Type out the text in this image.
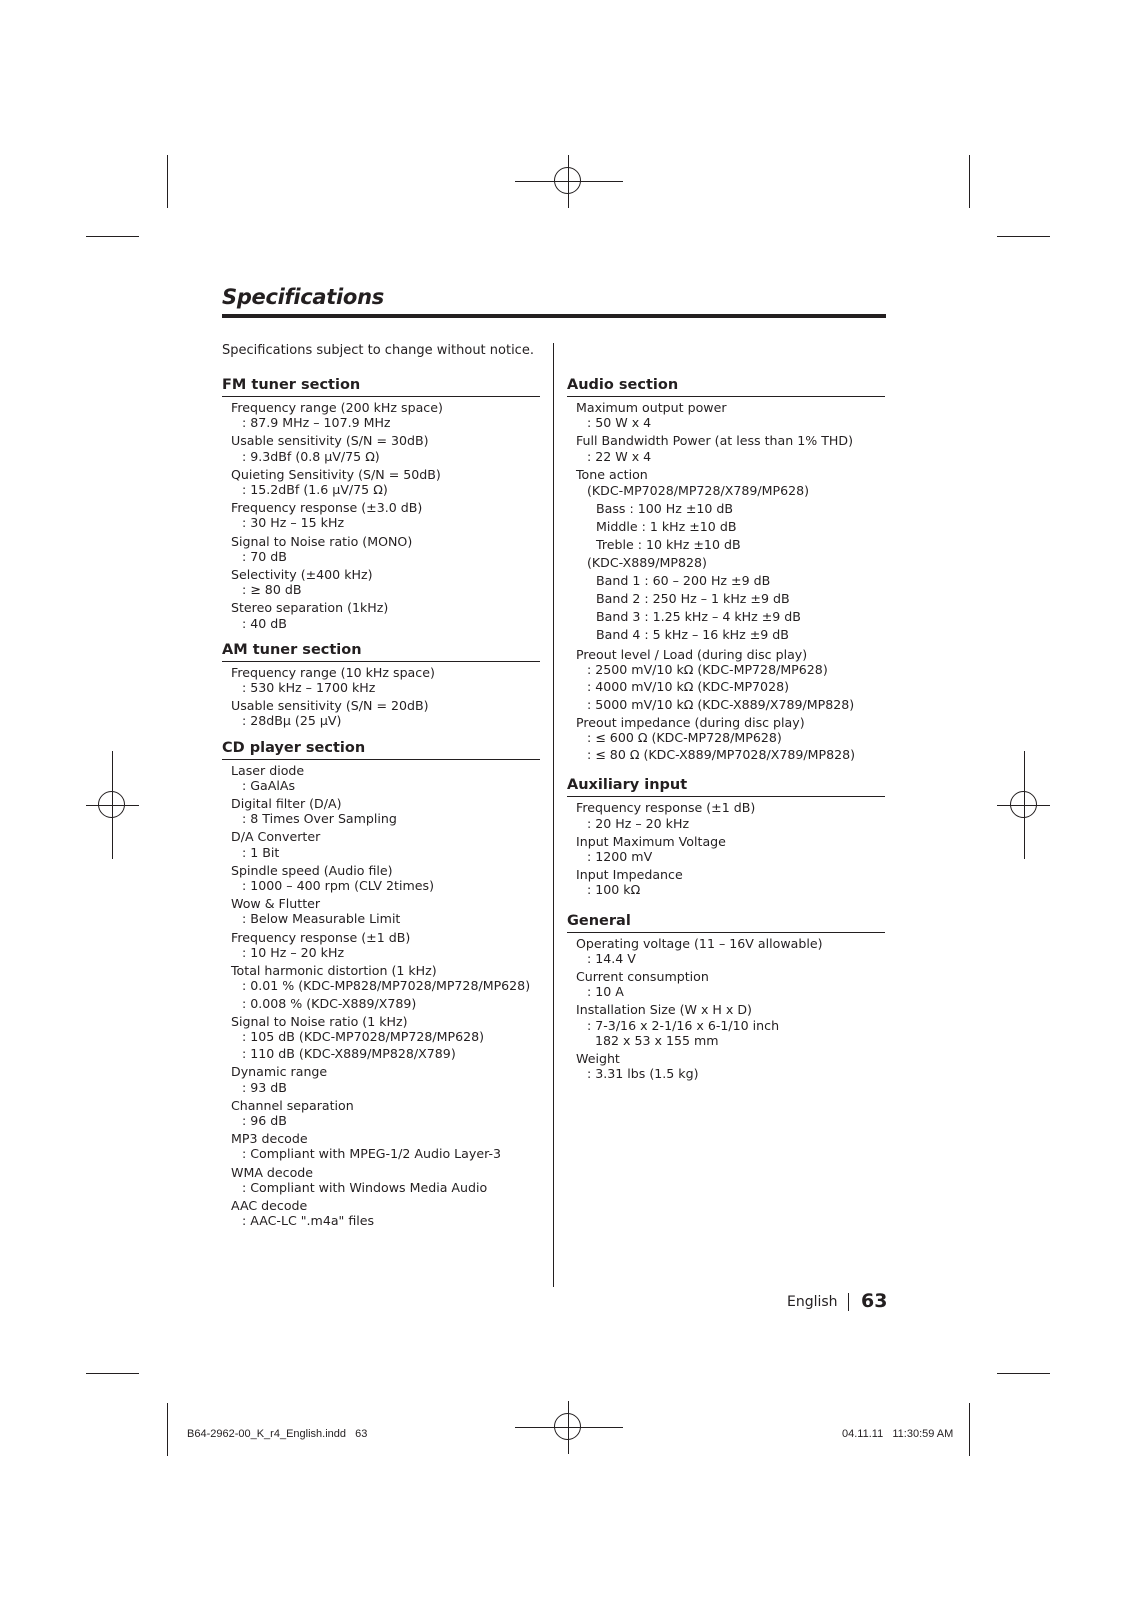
Specifications
Specifications subject to change without notice.
FM tuner section
Frequency range (200 kHz space)
: 87.9 MHz – 107.9 MHz
Usable sensitivity (S/N = 30dB)
: 9.3dBf (0.8 μV/75 Ω)
Quieting Sensitivity (S/N = 50dB)
: 15.2dBf (1.6 μV/75 Ω)
Frequency response (±3.0 dB)
: 30 Hz – 15 kHz
Signal to Noise ratio (MONO)
: 70 dB
Selectivity (±400 kHz)
: ≥ 80 dB
Stereo separation (1kHz)
: 40 dB
AM tuner section
Frequency range (10 kHz space)
: 530 kHz – 1700 kHz
Usable sensitivity (S/N = 20dB)
: 28dBμ (25 μV)
CD player section
Laser diode
: GaAlAs
Digital filter (D/A)
: 8 Times Over Sampling
D/A Converter
: 1 Bit
Spindle speed (Audio file)
: 1000 – 400 rpm (CLV 2times)
Wow & Flutter
: Below Measurable Limit
Frequency response (±1 dB)
: 10 Hz – 20 kHz
Total harmonic distortion (1 kHz)
: 0.01 % (KDC-MP828/MP7028/MP728/MP628)
: 0.008 % (KDC-X889/X789)
Signal to Noise ratio (1 kHz)
: 105 dB (KDC-MP7028/MP728/MP628)
: 110 dB (KDC-X889/MP828/X789)
Dynamic range
: 93 dB
Channel separation
: 96 dB
MP3 decode
: Compliant with MPEG-1/2 Audio Layer-3
WMA decode
: Compliant with Windows Media Audio
AAC decode
: AAC-LC ".m4a" files
Audio section
Maximum output power
: 50 W x 4
Full Bandwidth Power (at less than 1% THD)
: 22 W x 4
Tone action
(KDC-MP7028/MP728/X789/MP628)
Bass : 100 Hz ±10 dB
Middle : 1 kHz ±10 dB
Treble : 10 kHz ±10 dB
(KDC-X889/MP828)
Band 1 : 60 – 200 Hz ±9 dB
Band 2 : 250 Hz – 1 kHz ±9 dB
Band 3 : 1.25 kHz – 4 kHz ±9 dB
Band 4 : 5 kHz – 16 kHz ±9 dB
Preout level / Load (during disc play)
: 2500 mV/10 kΩ (KDC-MP728/MP628)
: 4000 mV/10 kΩ (KDC-MP7028)
: 5000 mV/10 kΩ (KDC-X889/X789/MP828)
Preout impedance (during disc play)
: ≤ 600 Ω (KDC-MP728/MP628)
: ≤ 80 Ω (KDC-X889/MP7028/X789/MP828)
Auxiliary input
Frequency response (±1 dB)
: 20 Hz – 20 kHz
Input Maximum Voltage
: 1200 mV
Input Impedance
: 100 kΩ
General
Operating voltage (11 – 16V allowable)
: 14.4 V
Current consumption
: 10 A
Installation Size (W x H x D)
: 7-3/16 x 2-1/16 x 6-1/10 inch
182 x 53 x 155 mm
Weight
: 3.31 lbs (1.5 kg)
English 63
B64-2962-00_K_r4_English.indd   63	04.11.11   11:30:59 AM
